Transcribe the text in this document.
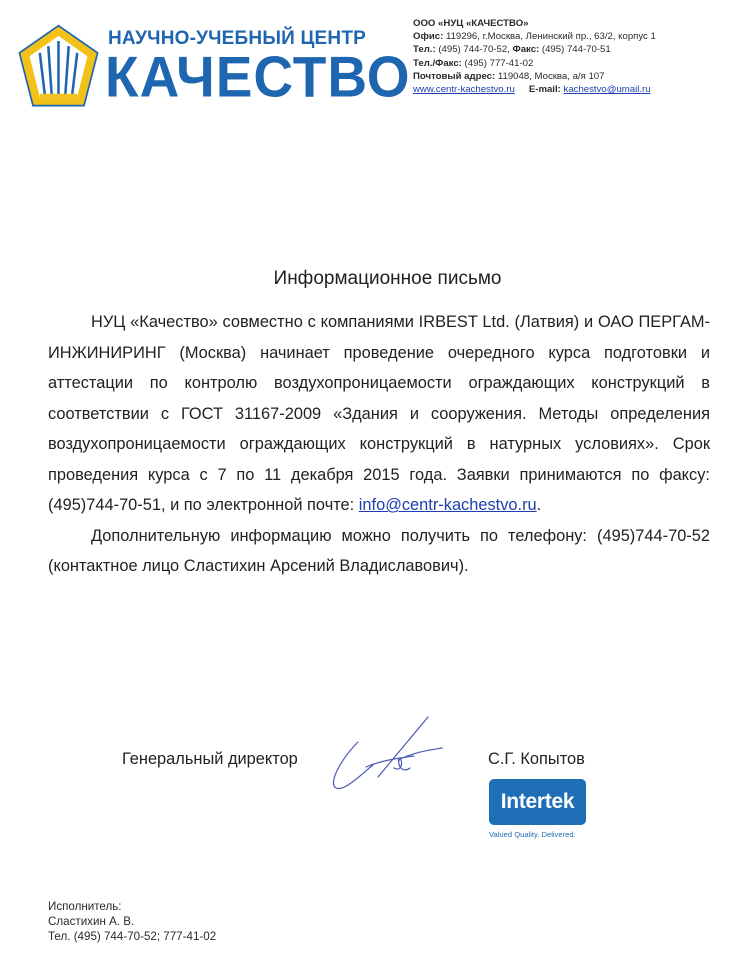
НАУЧНО-УЧЕБНЫЙ ЦЕНТР
КАЧЕСТВО
ООО «НУЦ «КАЧЕСТВО»
Офис: 119296, г.Москва, Ленинский пр., 63/2, корпус 1
Тел.: (495) 744-70-52, Факс: (495) 744-70-51
Тел./Факс: (495) 777-41-02
Почтовый адрес: 119048, Москва, а/я 107
www.centr-kachestvo.ru E-mail: kachestvo@umail.ru
Информационное письмо

НУЦ «Качество» совместно с компаниями IRBEST Ltd. (Латвия) и ОАО ПЕРГАМ-ИНЖИНИРИНГ (Москва) начинает проведение очередного курса подготовки и аттестации по контролю воздухопроницаемости ограждающих конструкций в соответствии с ГОСТ 31167-2009 «Здания и сооружения. Методы определения воздухопроницаемости ограждающих конструкций в натурных условиях». Срок проведения курса с 7 по 11 декабря 2015 года. Заявки принимаются по факсу: (495)744-70-51, и по электронной почте: info@centr-kachestvo.ru.

Дополнительную информацию можно получить по телефону: (495)744-70-52 (контактное лицо Сластихин Арсений Владиславович).

Генеральный директор	С.Г. Копытов
Intertek
Valued Quality. Delivered.
Исполнитель:
Сластихин А. В.
Тел. (495) 744-70-52; 777-41-02
